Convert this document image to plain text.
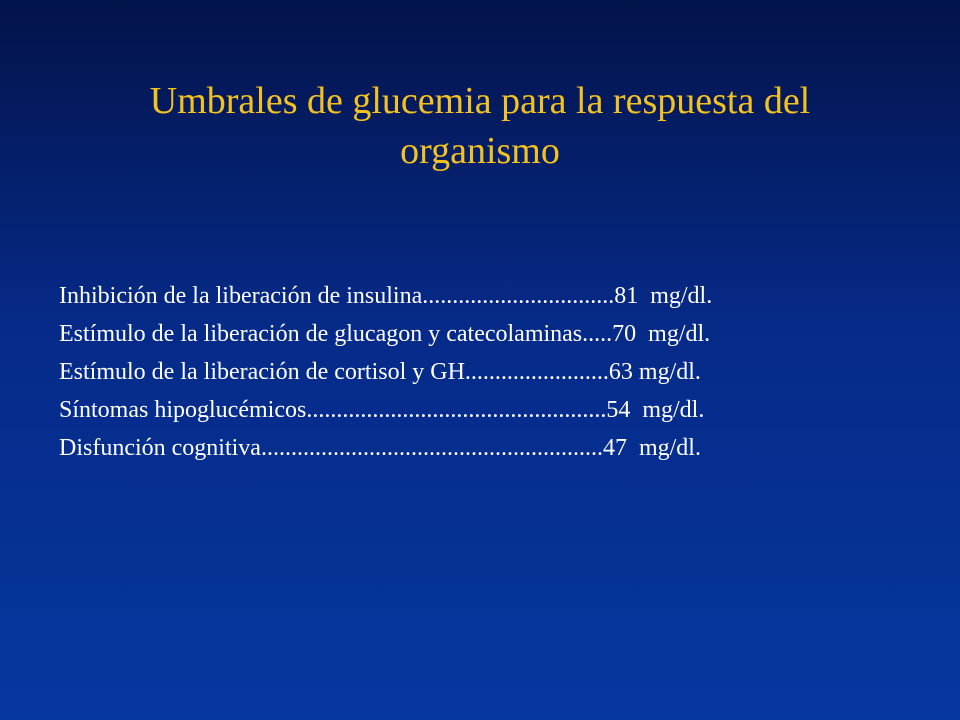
Umbrales de glucemia para la respuesta del
organismo
Inhibición de la liberación de insulina................................81  mg/dl.
Estímulo de la liberación de glucagon y catecolaminas.....70  mg/dl.
Estímulo de la liberación de cortisol y GH........................63 mg/dl.
Síntomas hipoglucémicos..................................................54  mg/dl.
Disfunción cognitiva.........................................................47  mg/dl.
